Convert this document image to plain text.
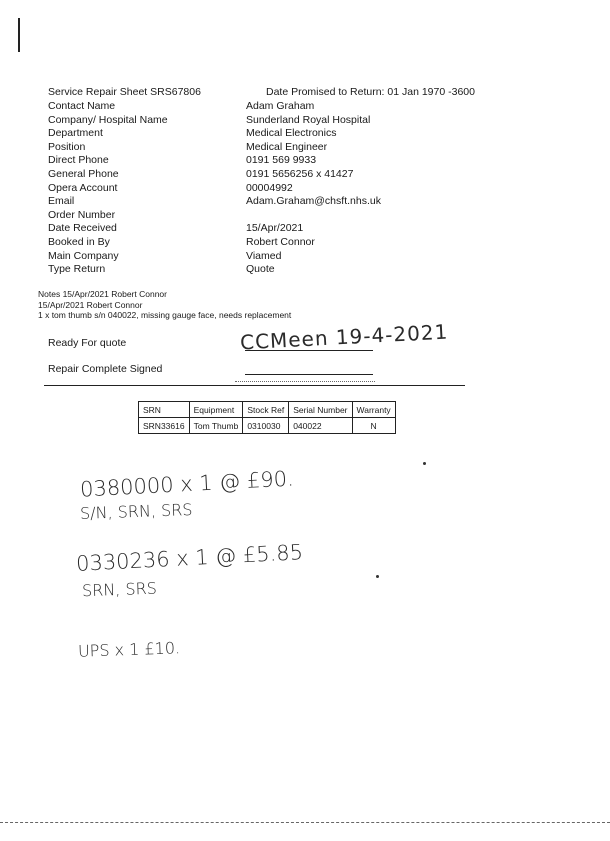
Service Repair Sheet SRS67806	Date Promised to Return: 01 Jan 1970 -3600
Contact Name	Adam Graham
Company/ Hospital Name	Sunderland Royal Hospital
Department	Medical Electronics
Position	Medical Engineer
Direct Phone	0191 569 9933
General Phone	0191 5656256 x 41427
Opera Account	00004992
Email	Adam.Graham@chsft.nhs.uk
Order Number
Date Received	15/Apr/2021
Booked in By	Robert Connor
Main Company	Viamed
Type Return	Quote
Notes 15/Apr/2021 Robert Connor
15/Apr/2021 Robert Connor
1 x tom thumb s/n 040022, missing gauge face, needs replacement
Ready For quote	CCMeen 19-4-2021
Repair Complete Signed
SRN	Equipment	Stock Ref	Serial Number	Warranty
SRN33616	Tom Thumb	0310030	040022	N
0380000 x 1 @ £90.
S/N, SRN, SRS
0330236 x 1 @ £5.85
SRN, SRS
UPS x 1 £10.
